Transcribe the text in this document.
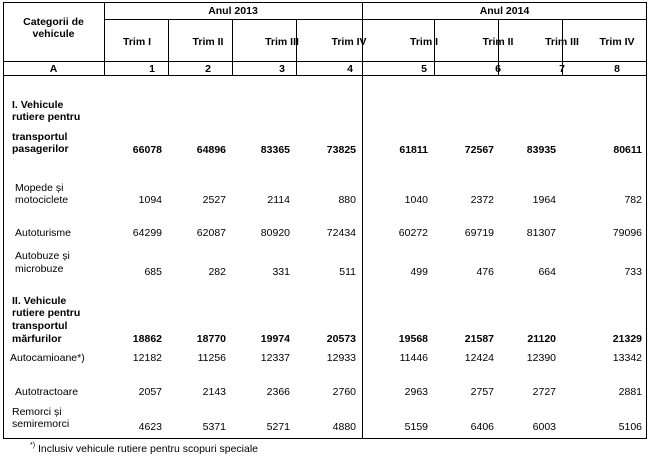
Categorii de
vehicule
Anul 2013	Anul 2014
Trim I	Trim II	Trim III	Trim IV	Trim I	Trim II	Trim III	Trim IV
A	1	2	3	4	5	6	7	8
I. Vehicule
rutiere pentru
transportul
pasagerilor	66078	64896	83365	73825	61811	72567	83935	80611
Mopede și
motociclete	1094	2527	2114	880	1040	2372	1964	782
Autoturisme	64299	62087	80920	72434	60272	69719	81307	79096
Autobuze și
microbuze	685	282	331	511	499	476	664	733
II. Vehicule
rutiere pentru
transportul
mărfurilor	18862	18770	19974	20573	19568	21587	21120	21329
Autocamioane*)	12182	11256	12337	12933	11446	12424	12390	13342
Autotractoare	2057	2143	2366	2760	2963	2757	2727	2881
Remorci și
semiremorci	4623	5371	5271	4880	5159	6406	6003	5106
*) Inclusiv vehicule rutiere pentru scopuri speciale
